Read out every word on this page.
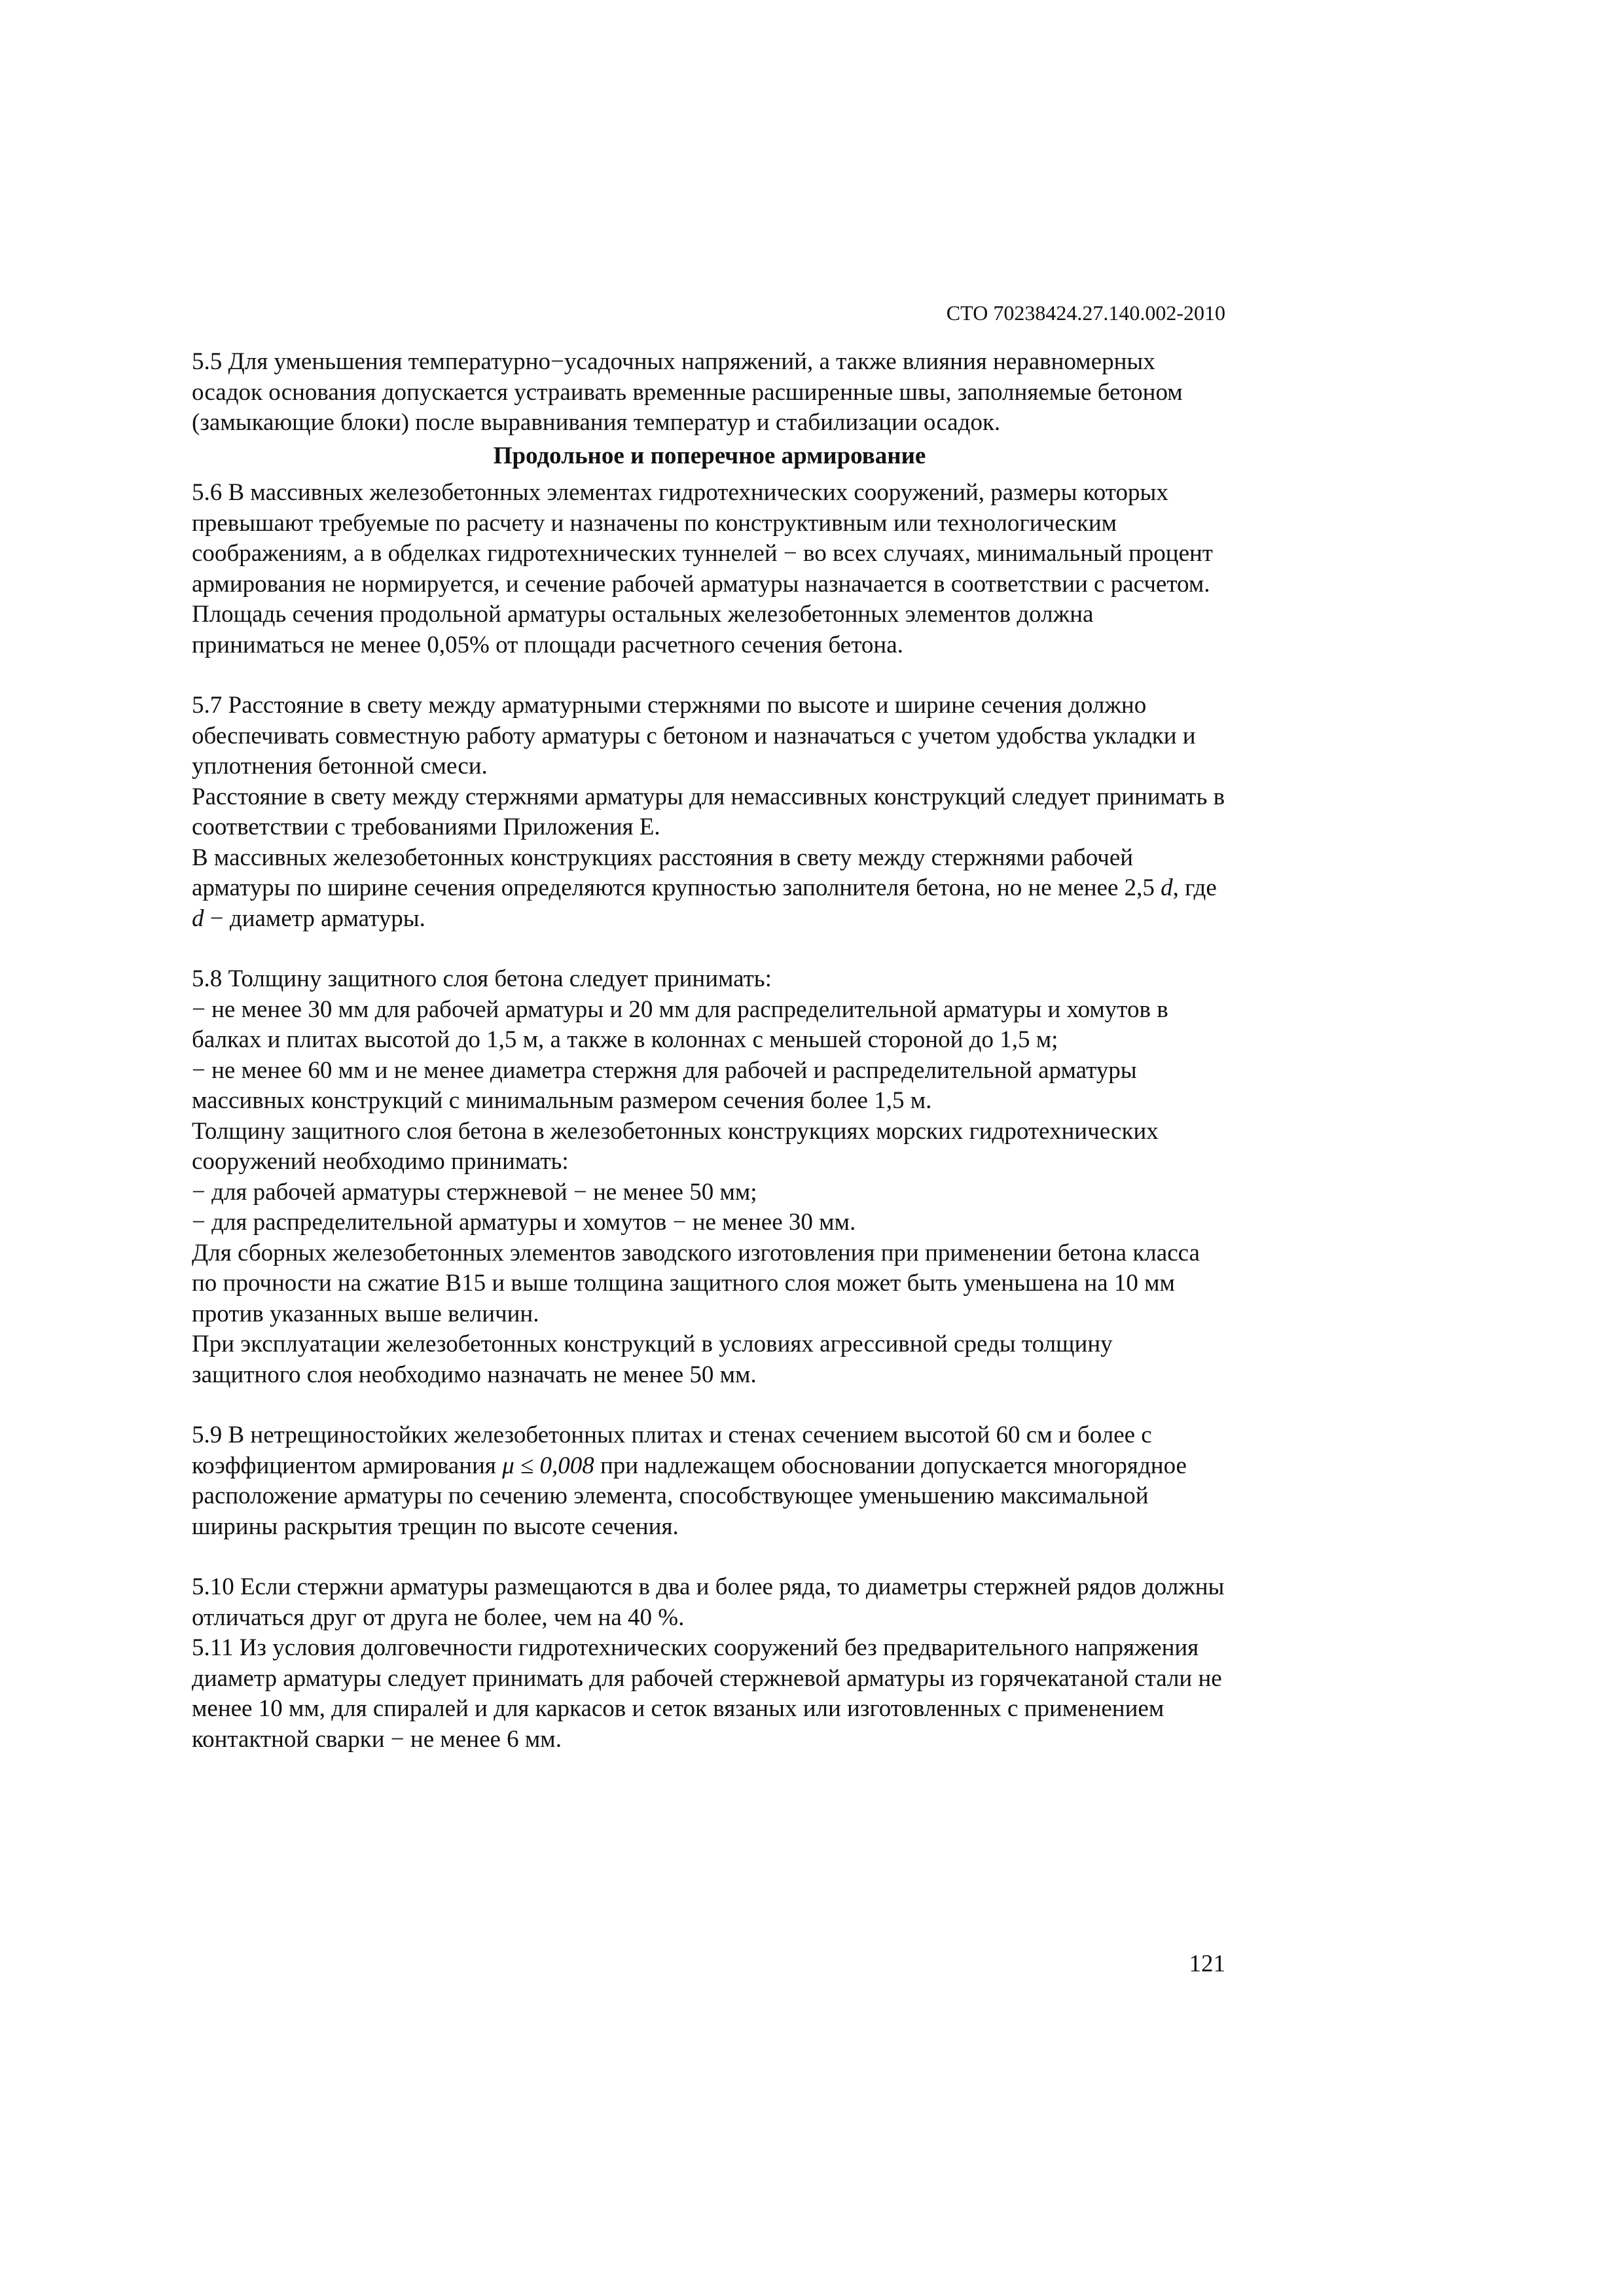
СТО 70238424.27.140.002-2010

5.5 Для уменьшения температурно−усадочных напряжений, а также влияния неравномерных осадок основания допускается устраивать временные расширенные швы, заполняемые бетоном (замыкающие блоки) после выравнивания температур и стабилизации осадок.

Продольное и поперечное армирование

5.6 В массивных железобетонных элементах гидротехнических сооружений, размеры которых превышают требуемые по расчету и назначены по конструктивным или технологическим соображениям, а в обделках гидротехнических туннелей − во всех случаях, минимальный процент армирования не нормируется, и сечение рабочей арматуры назначается в соответствии с расчетом.

Площадь сечения продольной арматуры остальных железобетонных элементов должна приниматься не менее 0,05% от площади расчетного сечения бетона.

5.7 Расстояние в свету между арматурными стержнями по высоте и ширине сечения должно обеспечивать совместную работу арматуры с бетоном и назначаться с учетом удобства укладки и уплотнения бетонной смеси.

Расстояние в свету между стержнями арматуры для немассивных конструкций следует принимать в соответствии с требованиями Приложения Е.

В массивных железобетонных конструкциях расстояния в свету между стержнями рабочей арматуры по ширине сечения определяются крупностью заполнителя бетона, но не менее 2,5 d, где d − диаметр арматуры.

5.8 Толщину защитного слоя бетона следует принимать:

− не менее 30 мм для рабочей арматуры и 20 мм для распределительной арматуры и хомутов в балках и плитах высотой до 1,5 м, а также в колоннах с меньшей стороной до 1,5 м;

− не менее 60 мм и не менее диаметра стержня для рабочей и распределительной арматуры массивных конструкций с минимальным размером сечения более 1,5 м.

Толщину защитного слоя бетона в железобетонных конструкциях морских гидротехнических сооружений необходимо принимать:

− для рабочей арматуры стержневой − не менее 50 мм;

− для распределительной арматуры и хомутов − не менее 30 мм.

Для сборных железобетонных элементов заводского изготовления при применении бетона класса по прочности на сжатие В15 и выше толщина защитного слоя может быть уменьшена на 10 мм против указанных выше величин.

При эксплуатации железобетонных конструкций в условиях агрессивной среды толщину защитного слоя необходимо назначать не менее 50 мм.

5.9 В нетрещиностойких железобетонных плитах и стенах сечением высотой 60 см и более с коэффициентом армирования μ ≤ 0,008 при надлежащем обосновании допускается многорядное расположение арматуры по сечению элемента, способствующее уменьшению максимальной ширины раскрытия трещин по высоте сечения.

5.10 Если стержни арматуры размещаются в два и более ряда, то диаметры стержней рядов должны отличаться друг от друга не более, чем на 40 %.

5.11 Из условия долговечности гидротехнических сооружений без предварительного напряжения диаметр арматуры следует принимать для рабочей стержневой арматуры из горячекатаной стали не менее 10 мм, для спиралей и для каркасов и сеток вязаных или изготовленных с применением контактной сварки − не менее 6 мм.

121
